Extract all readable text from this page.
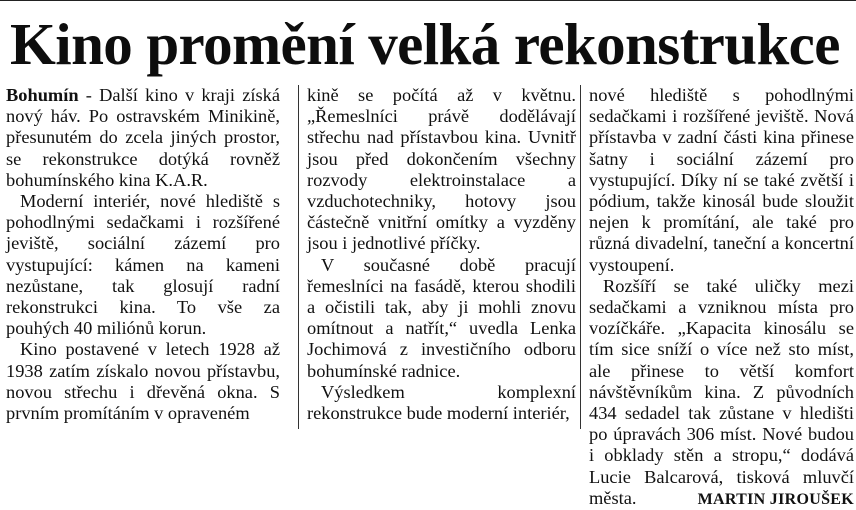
Kino promění velká rekonstrukce

Bohumín - Další kino v kraji získá nový háv. Po ostravském Minikině, přesunutém do zcela jiných prostor, se rekonstrukce dotýká rovněž bohumínského kina K.A.R.

Moderní interiér, nové hlediště s pohodlnými sedačkami i rozšířené jeviště, sociální zázemí pro vystupující: kámen na kameni nezůstane, tak glosují radní rekonstrukci kina. To vše za pouhých 40 miliónů korun.

Kino postavené v letech 1928 až 1938 zatím získalo novou přístavbu, novou střechu i dřevěná okna. S prvním promítáním v opraveném

kině se počítá až v květnu. „Řemeslníci právě dodělávají střechu nad přístavbou kina. Uvnitř jsou před dokončením všechny rozvody elektroinstalace a vzduchotechniky, hotovy jsou částečně vnitřní omítky a vyzděny jsou i jednotlivé příčky.

V současné době pracují řemeslníci na fasádě, kterou shodili a očistili tak, aby ji mohli znovu omítnout a natřít,“ uvedla Lenka Jochimová z investičního odboru bohumínské radnice.

Výsledkem komplexní rekonstrukce bude moderní interiér,

nové hlediště s pohodlnými sedačkami i rozšířené jeviště. Nová přístavba v zadní části kina přinese šatny i sociální zázemí pro vystupující. Díky ní se také zvětší i pódium, takže kinosál bude sloužit nejen k promítání, ale také pro různá divadelní, taneční a koncertní vystoupení.

Rozšíří se také uličky mezi sedačkami a vzniknou místa pro vozíčkáře. „Kapacita kinosálu se tím sice sníží o více než sto míst, ale přinese to větší komfort návštěvníkům kina. Z původních 434 sedadel tak zůstane v hledišti po úpravách 306 míst. Nové budou i obklady stěn a stropu,“ dodává Lucie Balcarová, tisková mluvčí města.	MARTIN JIROUŠEK
